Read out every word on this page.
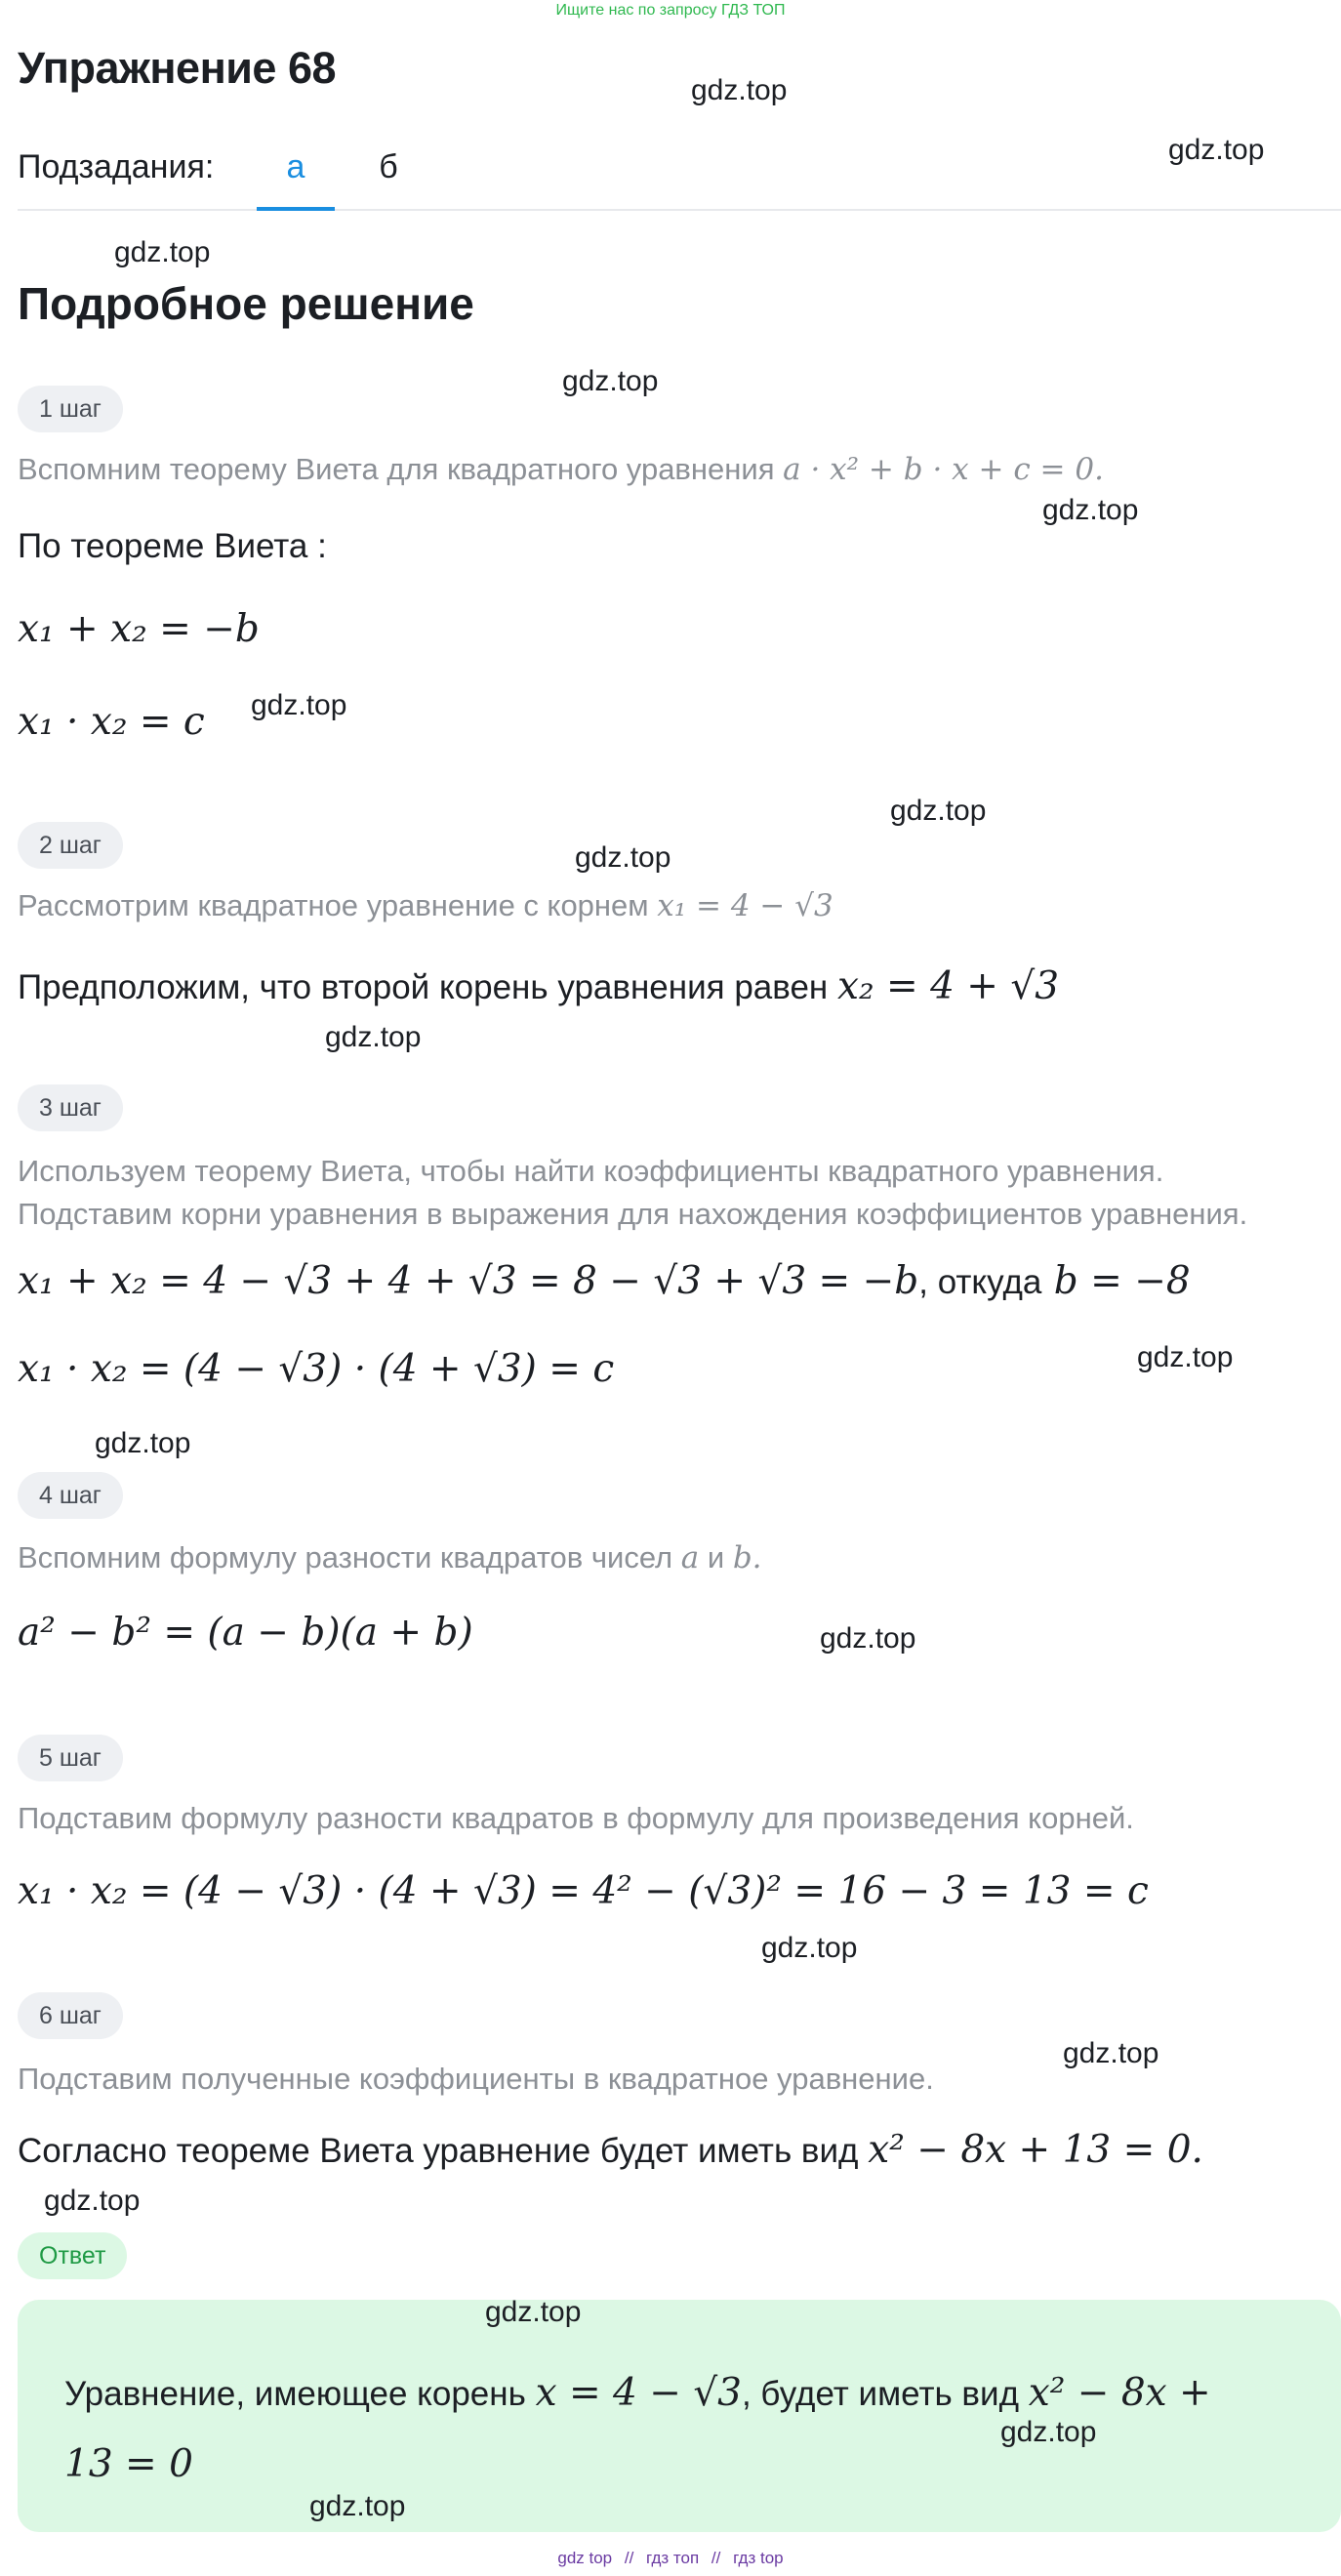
Ищите нас по запросу ГДЗ ТОП
Упражнение 68
Подзадания:	а	б
Подробное решение
1 шаг
Вспомним теорему Виета для квадратного уравнения a · x² + b · x + c = 0.
По теореме Виета :
x₁ + x₂ = −b
x₁ · x₂ = c
2 шаг
Рассмотрим квадратное уравнение с корнем x₁ = 4 − √3
Предположим, что второй корень уравнения равен x₂ = 4 + √3
3 шаг
Используем теорему Виета, чтобы найти коэффициенты квадратного уравнения.
Подставим корни уравнения в выражения для нахождения коэффициентов уравнения.
x₁ + x₂ = 4 − √3 + 4 + √3 = 8 − √3 + √3 = −b, откуда b = −8
x₁ · x₂ = (4 − √3) · (4 + √3) = c
4 шаг
Вспомним формулу разности квадратов чисел a и b.
a² − b² = (a − b)(a + b)
5 шаг
Подставим формулу разности квадратов в формулу для произведения корней.
x₁ · x₂ = (4 − √3) · (4 + √3) = 4² − (√3)² = 16 − 3 = 13 = c
6 шаг
Подставим полученные коэффициенты в квадратное уравнение.
Согласно теореме Виета уравнение будет иметь вид x² − 8x + 13 = 0.
Ответ
Уравнение, имеющее корень x = 4 − √3, будет иметь вид x² − 8x +
13 = 0
gdz.top
gdz.top
gdz.top
gdz.top
gdz.top
gdz.top
gdz.top
gdz.top
gdz.top
gdz.top
gdz.top
gdz.top
gdz.top
gdz.top
gdz.top
gdz.top
gdz.top
gdz.top
gdz top // гдз топ // гдз top
